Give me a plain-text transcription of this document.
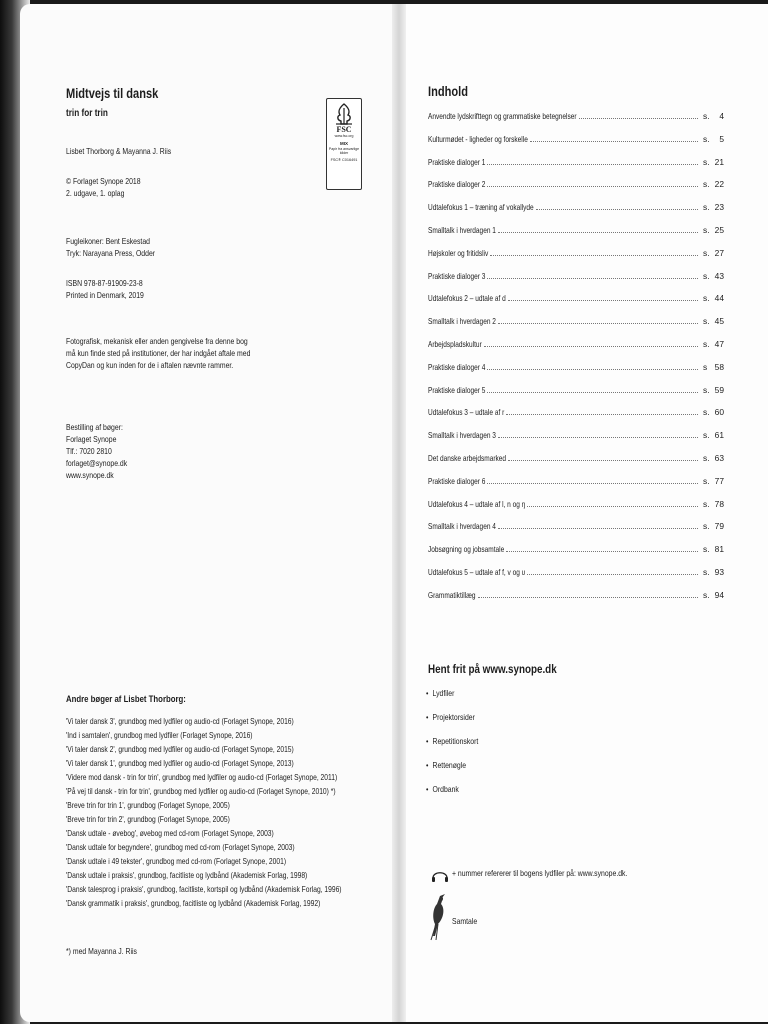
Midtvejs til dansk
trin for trin
FSC
www.fsc.org
MIX
Papir fra ansvarlige kilder
FSC® C016491
Lisbet Thorborg & Mayanna J. Riis
© Forlaget Synope 2018
2. udgave, 1. oplag
Fugleikoner: Bent Eskestad
Tryk: Narayana Press, Odder
ISBN 978-87-91909-23-8
Printed in Denmark, 2019
Fotografisk, mekanisk eller anden gengivelse fra denne bog
må kun finde sted på institutioner, der har indgået aftale med
CopyDan og kun inden for de i aftalen nævnte rammer.
Bestilling af bøger:
Forlaget Synope
Tlf.: 7020 2810
forlaget@synope.dk
www.synope.dk
Andre bøger af Lisbet Thorborg:
'Vi taler dansk 3', grundbog med lydfiler og audio-cd (Forlaget Synope, 2016)
'Ind i samtalen', grundbog med lydfiler (Forlaget Synope, 2016)
'Vi taler dansk 2', grundbog med lydfiler og audio-cd (Forlaget Synope, 2015)
'Vi taler dansk 1', grundbog med lydfiler og audio-cd (Forlaget Synope, 2013)
'Videre mod dansk - trin for trin', grundbog med lydfiler og audio-cd (Forlaget Synope, 2011)
'På vej til dansk - trin for trin', grundbog med lydfiler og audio-cd (Forlaget Synope, 2010) *)
'Breve trin for trin 1', grundbog (Forlaget Synope, 2005)
'Breve trin for trin 2', grundbog (Forlaget Synope, 2005)
'Dansk udtale - øvebog', øvebog med cd-rom (Forlaget Synope, 2003)
'Dansk udtale for begyndere', grundbog med cd-rom (Forlaget Synope, 2003)
'Dansk udtale i 49 tekster', grundbog med cd-rom (Forlaget Synope, 2001)
'Dansk udtale i praksis', grundbog, facitliste og lydbånd (Akademisk Forlag, 1998)
'Dansk talesprog i praksis', grundbog, facitliste, kortspil og lydbånd (Akademisk Forlag, 1996)
'Dansk grammatik i praksis', grundbog, facitliste og lydbånd (Akademisk Forlag, 1992)
*) med Mayanna J. Riis
Indhold
Anvendte lydskrifttegn og grammatiske betegnelser	s. 4
Kulturmødet - ligheder og forskelle	s. 5
Praktiske dialoger 1	s. 21
Praktiske dialoger 2	s. 22
Udtalefokus 1 – træning af vokallyde	s. 23
Smalltalk i hverdagen 1	s. 25
Højskoler og fritidsliv	s. 27
Praktiske dialoger 3	s. 43
Udtalefokus 2 – udtale af d	s. 44
Smalltalk i hverdagen 2	s. 45
Arbejdspladskultur	s. 47
Praktiske dialoger 4	s 58
Praktiske dialoger 5	s. 59
Udtalefokus 3 – udtale af r	s. 60
Smalltalk i hverdagen 3	s. 61
Det danske arbejdsmarked	s. 63
Praktiske dialoger 6	s. 77
Udtalefokus 4 – udtale af l, n og ŋ	s. 78
Smalltalk i hverdagen 4	s. 79
Jobsøgning og jobsamtale	s. 81
Udtalefokus 5 – udtale af f, v og ʋ	s. 93
Grammatiktillæg	s. 94
Hent frit på www.synope.dk
• Lydfiler
• Projektorsider
• Repetitionskort
• Rettenøgle
• Ordbank
+ nummer refererer til bogens lydfiler på: www.synope.dk.
Samtale
